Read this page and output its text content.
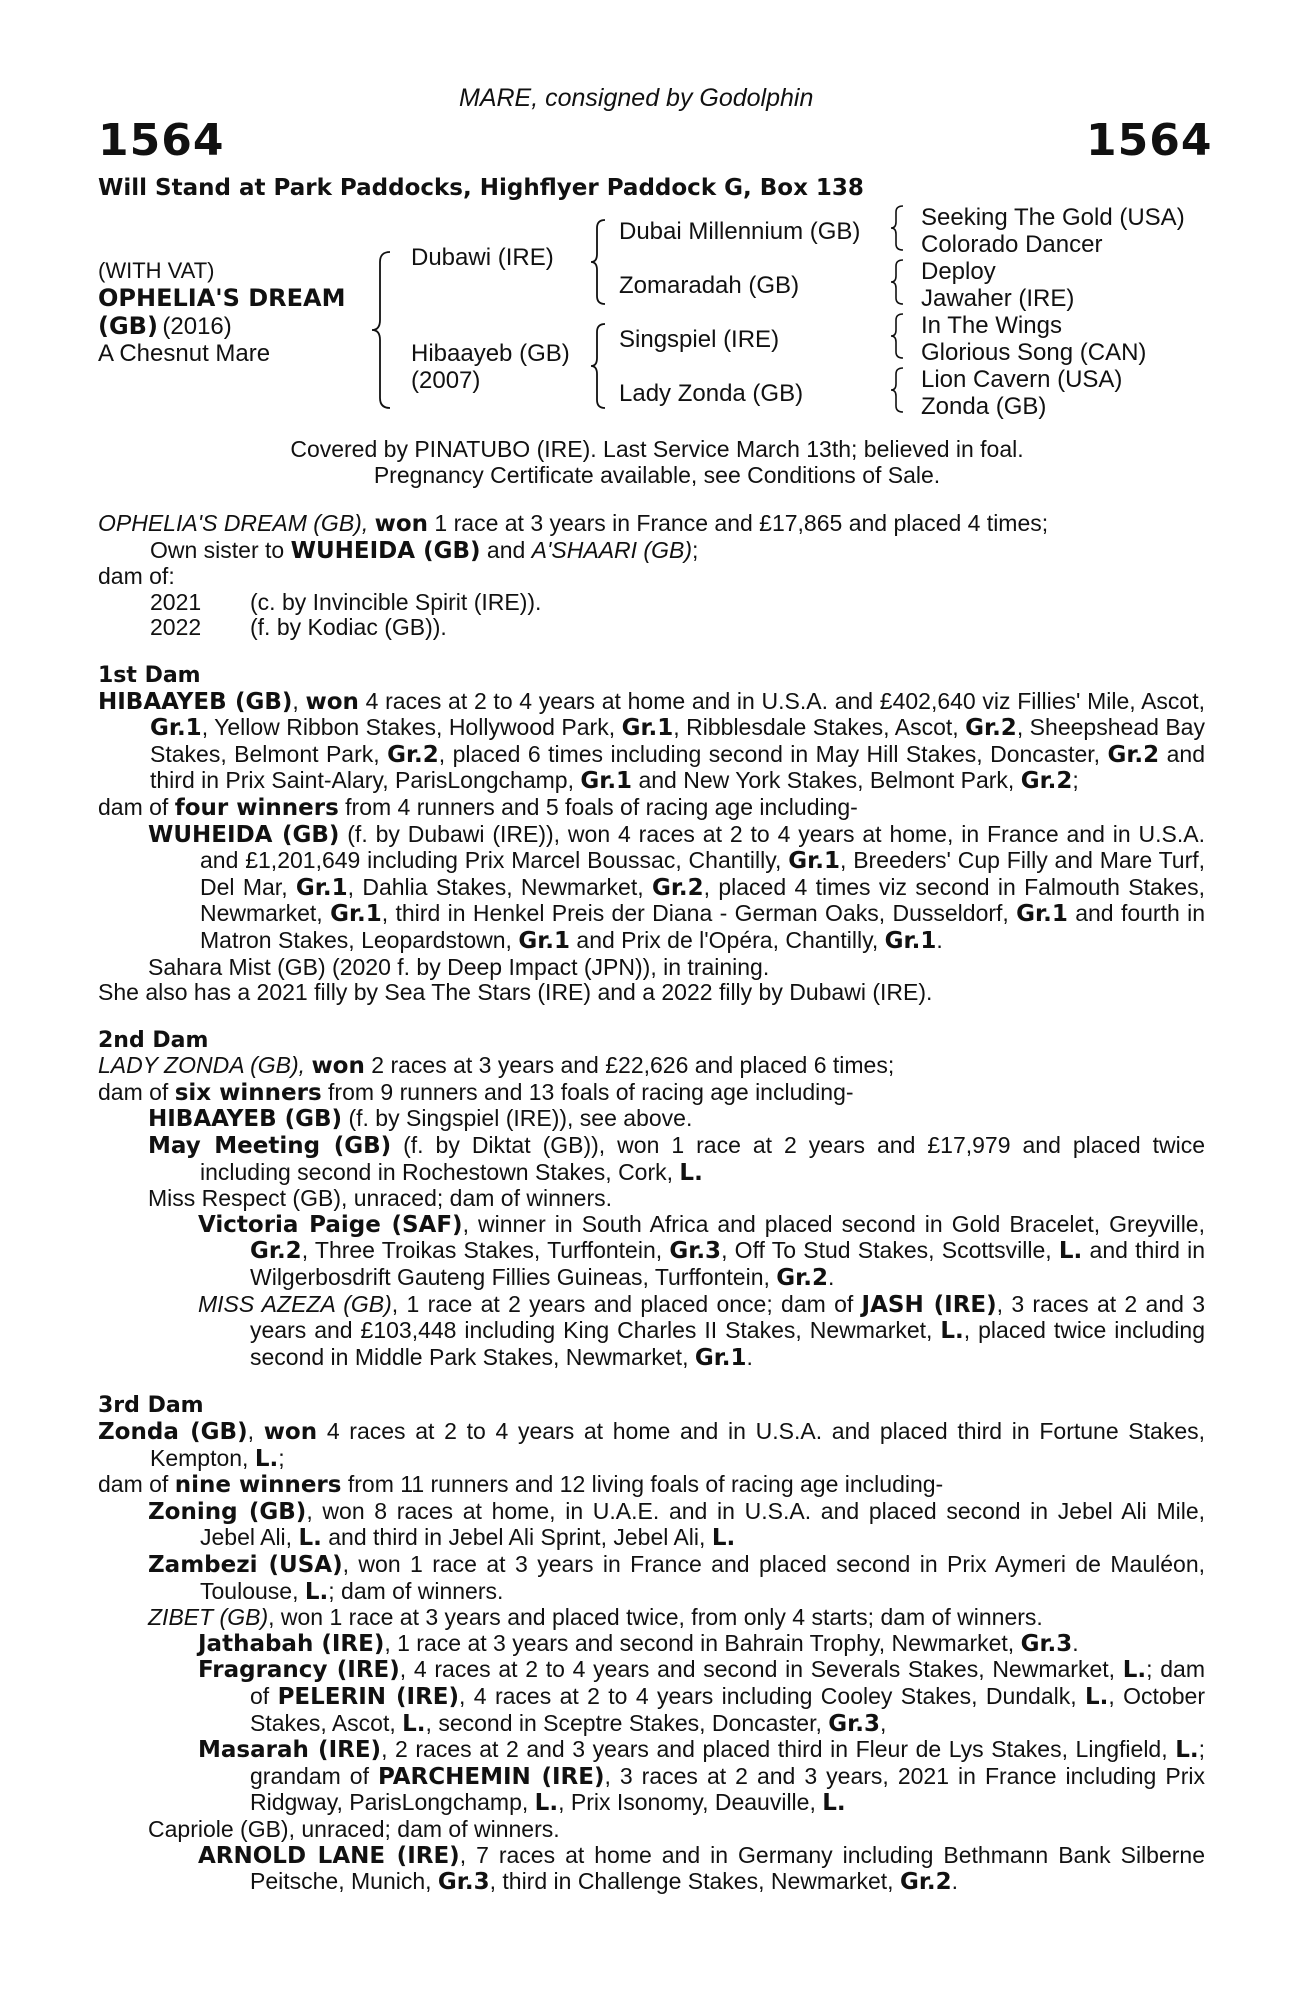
MARE, consigned by Godolphin
1564	1564
Will Stand at Park Paddocks, Highflyer Paddock G, Box 138
(WITH VAT)
OPHELIA'S DREAM
(GB) (2016)
A Chesnut Mare
Dubawi (IRE)
Hibaayeb (GB)
(2007)
Dubai Millennium (GB)
Zomaradah (GB)
Singspiel (IRE)
Lady Zonda (GB)
Seeking The Gold (USA)
Colorado Dancer
Deploy
Jawaher (IRE)
In The Wings
Glorious Song (CAN)
Lion Cavern (USA)
Zonda (GB)
Covered by PINATUBO (IRE). Last Service March 13th; believed in foal.
Pregnancy Certificate available, see Conditions of Sale.

OPHELIA'S DREAM (GB), won 1 race at 3 years in France and £17,865 and placed 4 times;

Own sister to WUHEIDA (GB) and A'SHAARI (GB);

dam of:

2021 (c. by Invincible Spirit (IRE)).

2022 (f. by Kodiac (GB)).

1st Dam

HIBAAYEB (GB), won 4 races at 2 to 4 years at home and in U.S.A. and £402,640 viz Fillies' Mile, Ascot, Gr.1, Yellow Ribbon Stakes, Hollywood Park, Gr.1, Ribblesdale Stakes, Ascot, Gr.2, Sheepshead Bay Stakes, Belmont Park, Gr.2, placed 6 times including second in May Hill Stakes, Doncaster, Gr.2 and third in Prix Saint-Alary, ParisLongchamp, Gr.1 and New York Stakes, Belmont Park, Gr.2;

dam of four winners from 4 runners and 5 foals of racing age including-

WUHEIDA (GB) (f. by Dubawi (IRE)), won 4 races at 2 to 4 years at home, in France and in U.S.A. and £1,201,649 including Prix Marcel Boussac, Chantilly, Gr.1, Breeders' Cup Filly and Mare Turf, Del Mar, Gr.1, Dahlia Stakes, Newmarket, Gr.2, placed 4 times viz second in Falmouth Stakes, Newmarket, Gr.1, third in Henkel Preis der Diana - German Oaks, Dusseldorf, Gr.1 and fourth in Matron Stakes, Leopardstown, Gr.1 and Prix de l'Opéra, Chantilly, Gr.1.

Sahara Mist (GB) (2020 f. by Deep Impact (JPN)), in training.

She also has a 2021 filly by Sea The Stars (IRE) and a 2022 filly by Dubawi (IRE).

2nd Dam

LADY ZONDA (GB), won 2 races at 3 years and £22,626 and placed 6 times;

dam of six winners from 9 runners and 13 foals of racing age including-

HIBAAYEB (GB) (f. by Singspiel (IRE)), see above.

May Meeting (GB) (f. by Diktat (GB)), won 1 race at 2 years and £17,979 and placed twice including second in Rochestown Stakes, Cork, L.

Miss Respect (GB), unraced; dam of winners.

Victoria Paige (SAF), winner in South Africa and placed second in Gold Bracelet, Greyville, Gr.2, Three Troikas Stakes, Turffontein, Gr.3, Off To Stud Stakes, Scottsville, L. and third in Wilgerbosdrift Gauteng Fillies Guineas, Turffontein, Gr.2.

MISS AZEZA (GB), 1 race at 2 years and placed once; dam of JASH (IRE), 3 races at 2 and 3 years and £103,448 including King Charles II Stakes, Newmarket, L., placed twice including second in Middle Park Stakes, Newmarket, Gr.1.

3rd Dam

Zonda (GB), won 4 races at 2 to 4 years at home and in U.S.A. and placed third in Fortune Stakes, Kempton, L.;

dam of nine winners from 11 runners and 12 living foals of racing age including-

Zoning (GB), won 8 races at home, in U.A.E. and in U.S.A. and placed second in Jebel Ali Mile, Jebel Ali, L. and third in Jebel Ali Sprint, Jebel Ali, L.

Zambezi (USA), won 1 race at 3 years in France and placed second in Prix Aymeri de Mauléon, Toulouse, L.; dam of winners.

ZIBET (GB), won 1 race at 3 years and placed twice, from only 4 starts; dam of winners.

Jathabah (IRE), 1 race at 3 years and second in Bahrain Trophy, Newmarket, Gr.3.

Fragrancy (IRE), 4 races at 2 to 4 years and second in Severals Stakes, Newmarket, L.; dam of PELERIN (IRE), 4 races at 2 to 4 years including Cooley Stakes, Dundalk, L., October Stakes, Ascot, L., second in Sceptre Stakes, Doncaster, Gr.3,

Masarah (IRE), 2 races at 2 and 3 years and placed third in Fleur de Lys Stakes, Lingfield, L.; grandam of PARCHEMIN (IRE), 3 races at 2 and 3 years, 2021 in France including Prix Ridgway, ParisLongchamp, L., Prix Isonomy, Deauville, L.

Capriole (GB), unraced; dam of winners.

ARNOLD LANE (IRE), 7 races at home and in Germany including Bethmann Bank Silberne Peitsche, Munich, Gr.3, third in Challenge Stakes, Newmarket, Gr.2.
